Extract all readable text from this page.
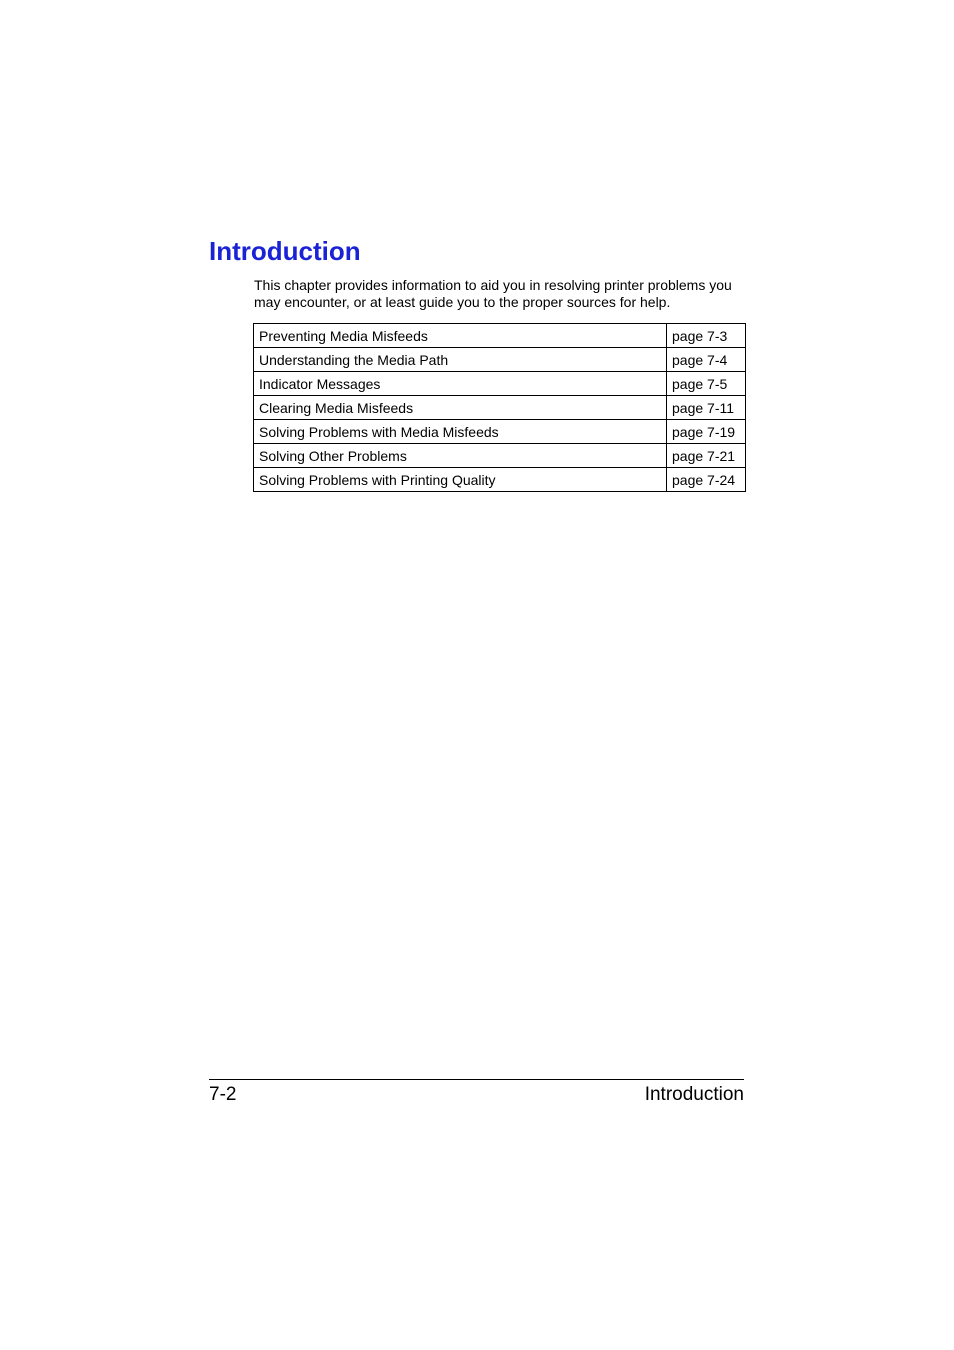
Introduction

This chapter provides information to aid you in resolving printer problems you may encounter, or at least guide you to the proper sources for help.

Preventing Media Misfeeds	page 7-3
Understanding the Media Path	page 7-4
Indicator Messages	page 7-5
Clearing Media Misfeeds	page 7-11
Solving Problems with Media Misfeeds	page 7-19
Solving Other Problems	page 7-21
Solving Problems with Printing Quality	page 7-24
7-2	Introduction
